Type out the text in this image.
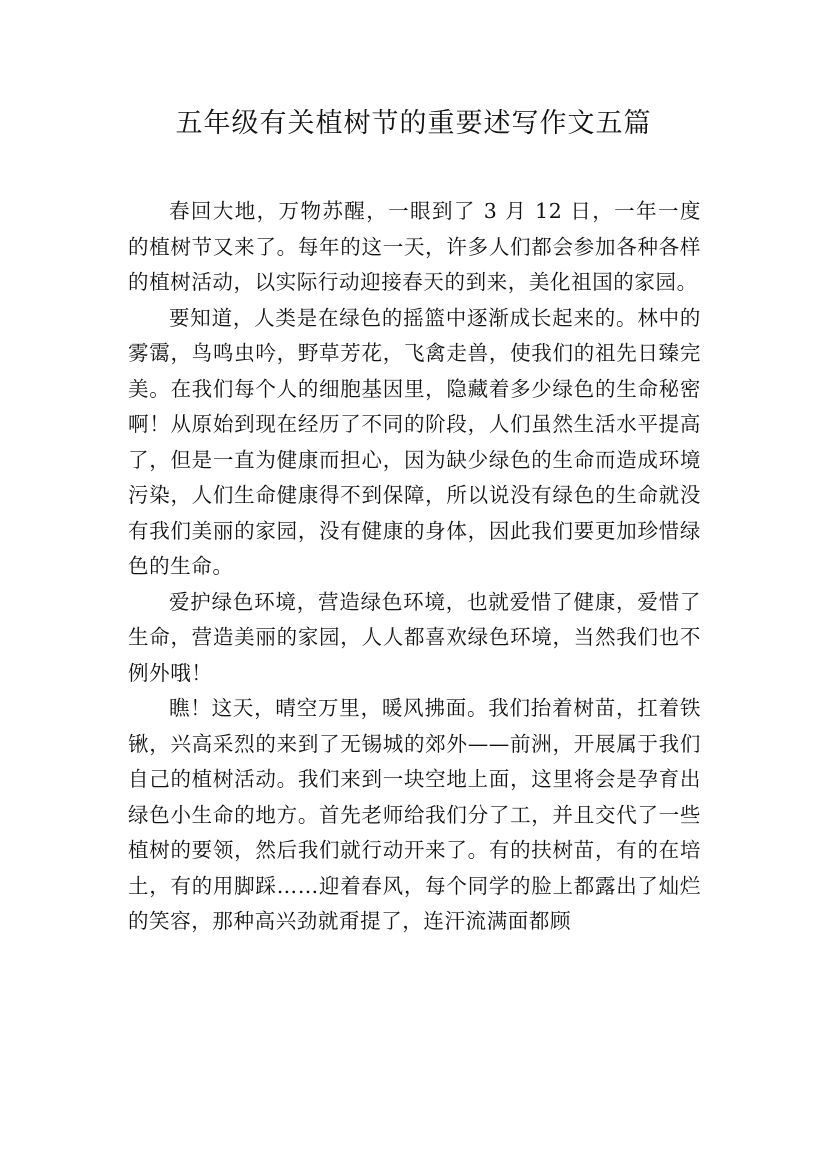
五年级有关植树节的重要述写作文五篇

春回大地，万物苏醒，一眼到了 3 月 12 日，一年一度的植树节又来了。每年的这一天，许多人们都会参加各种各样的植树活动，以实际行动迎接春天的到来，美化祖国的家园。

要知道，人类是在绿色的摇篮中逐渐成长起来的。林中的雾霭，鸟鸣虫吟，野草芳花，飞禽走兽，使我们的祖先日臻完美。在我们每个人的细胞基因里，隐藏着多少绿色的生命秘密啊！从原始到现在经历了不同的阶段，人们虽然生活水平提高了，但是一直为健康而担心，因为缺少绿色的生命而造成环境污染，人们生命健康得不到保障，所以说没有绿色的生命就没有我们美丽的家园，没有健康的身体，因此我们要更加珍惜绿色的生命。

爱护绿色环境，营造绿色环境，也就爱惜了健康，爱惜了生命，营造美丽的家园，人人都喜欢绿色环境，当然我们也不例外哦！

瞧！这天，晴空万里，暖风拂面。我们抬着树苗，扛着铁锹，兴高采烈的来到了无锡城的郊外——前洲，开展属于我们自己的植树活动。我们来到一块空地上面，这里将会是孕育出绿色小生命的地方。首先老师给我们分了工，并且交代了一些植树的要领，然后我们就行动开来了。有的扶树苗，有的在培土，有的用脚踩……迎着春风，每个同学的脸上都露出了灿烂的笑容，那种高兴劲就甭提了，连汗流满面都顾
